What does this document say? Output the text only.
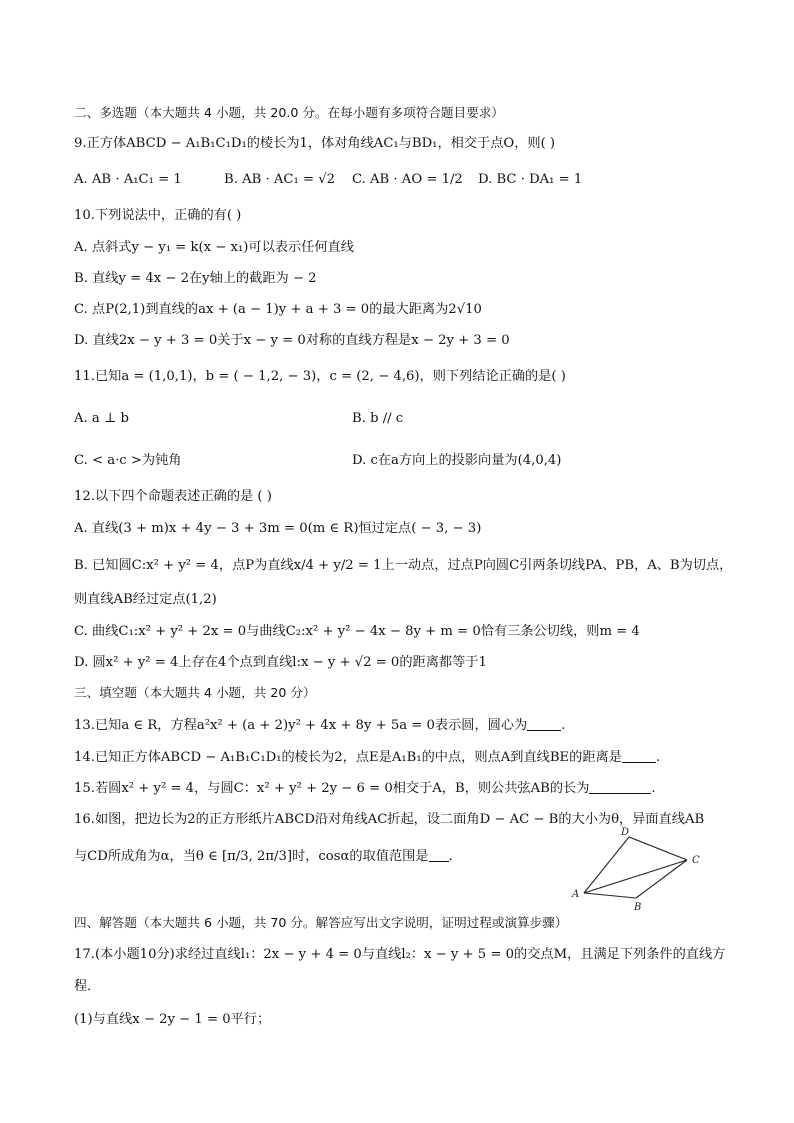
二、多选题（本大题共 4 小题，共 20.0 分。在每小题有多项符合题目要求）
9.正方体ABCD − A₁B₁C₁D₁的棱长为1，体对角线AC₁与BD₁，相交于点O，则( )
A. AB · A₁C₁ = 1	B. AB · AC₁ = √2 C. AB · AO = 1/2 D. BC · DA₁ = 1
10.下列说法中，正确的有( )
A. 点斜式y − y₁ = k(x − x₁)可以表示任何直线
B. 直线y = 4x − 2在y轴上的截距为 − 2
C. 点P(2,1)到直线的ax + (a − 1)y + a + 3 = 0的最大距离为2√10
D. 直线2x − y + 3 = 0关于x − y = 0对称的直线方程是x − 2y + 3 = 0
11.已知a = (1,0,1)，b = ( − 1,2, − 3)，c = (2, − 4,6)，则下列结论正确的是( )
A. a ⊥ b	B. b // c
C. < a·c >为钝角	D. c在a方向上的投影向量为(4,0,4)
12.以下四个命题表述正确的是 ( )
A. 直线(3 + m)x + 4y − 3 + 3m = 0(m ∈ R)恒过定点( − 3, − 3)
B. 已知圆C:x² + y² = 4，点P为直线x/4 + y/2 = 1上一动点，过点P向圆C引两条切线PA、PB，A、B为切点，
则直线AB经过定点(1,2)
C. 曲线C₁:x² + y² + 2x = 0与曲线C₂:x² + y² − 4x − 8y + m = 0恰有三条公切线，则m = 4
D. 圆x² + y² = 4上存在4个点到直线l:x − y + √2 = 0的距离都等于1
三、填空题（本大题共 4 小题，共 20 分）
13.已知a ∈ R，方程a²x² + (a + 2)y² + 4x + 8y + 5a = 0表示圆，圆心为	.
14.已知正方体ABCD − A₁B₁C₁D₁的棱长为2，点E是A₁B₁的中点，则点A到直线BE的距离是	.
15.若圆x² + y² = 4，与圆C：x² + y² + 2y − 6 = 0相交于A，B，则公共弦AB的长为	.
16.如图，把边长为2的正方形纸片ABCD沿对角线AC折起，设二面角D − AC − B的大小为θ，异面直线AB
与CD所成角为α，当θ ∈ [π/3, 2π/3]时，cosα的取值范围是 .
A
B
C
D
四、解答题（本大题共 6 小题，共 70 分。解答应写出文字说明，证明过程或演算步骤）
17.(本小题10分)求经过直线l₁：2x − y + 4 = 0与直线l₂：x − y + 5 = 0的交点M，且满足下列条件的直线方
程．
(1)与直线x − 2y − 1 = 0平行；
